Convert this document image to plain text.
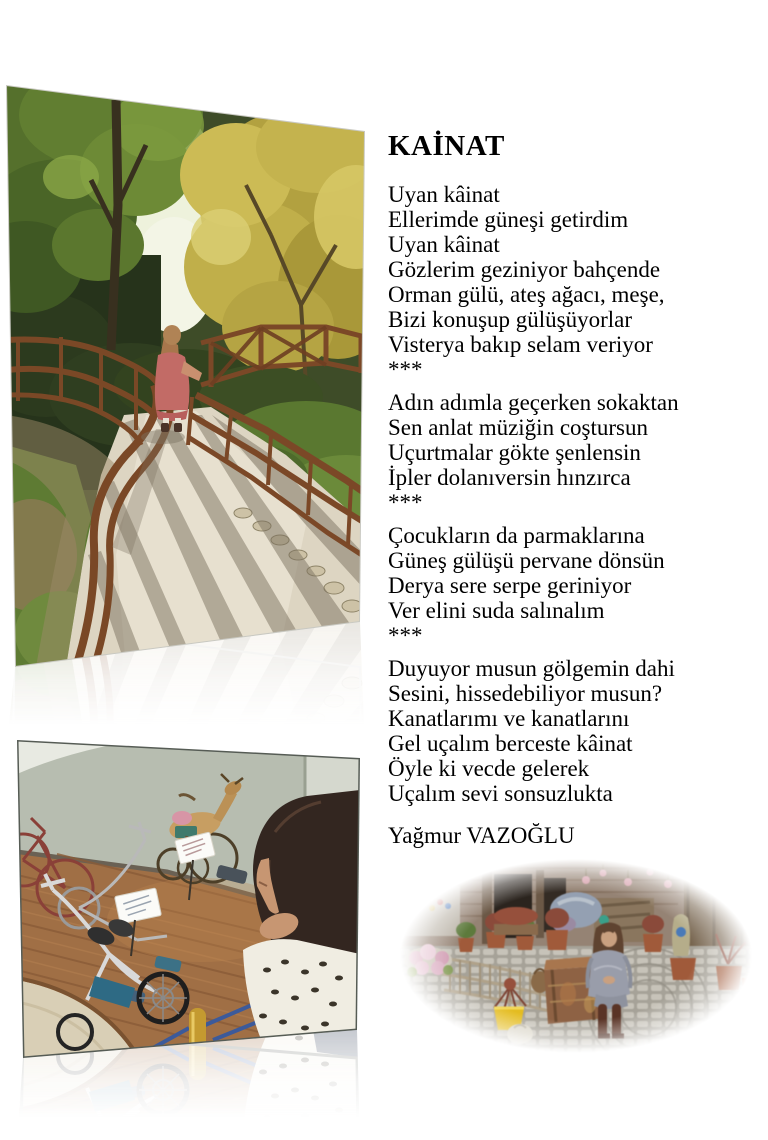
KAİNAT
Uyan kâinat
Ellerimde güneşi getirdim
Uyan kâinat
Gözlerim geziniyor bahçende
Orman gülü, ateş ağacı, meşe,
Bizi konuşup gülüşüyorlar
Visterya bakıp selam veriyor
***
Adın adımla geçerken sokaktan
Sen anlat müziğin coştursun
Uçurtmalar gökte şenlensin
İpler dolanıversin hınzırca
***
Çocukların da parmaklarına
Güneş gülüşü pervane dönsün
Derya sere serpe geriniyor
Ver elini suda salınalım
***
Duyuyor musun gölgemin dahi
Sesini, hissedebiliyor musun?
Kanatlarımı ve kanatlarını
Gel uçalım berceste kâinat
Öyle ki vecde gelerek
Uçalım sevi sonsuzlukta
Yağmur VAZOĞLU
